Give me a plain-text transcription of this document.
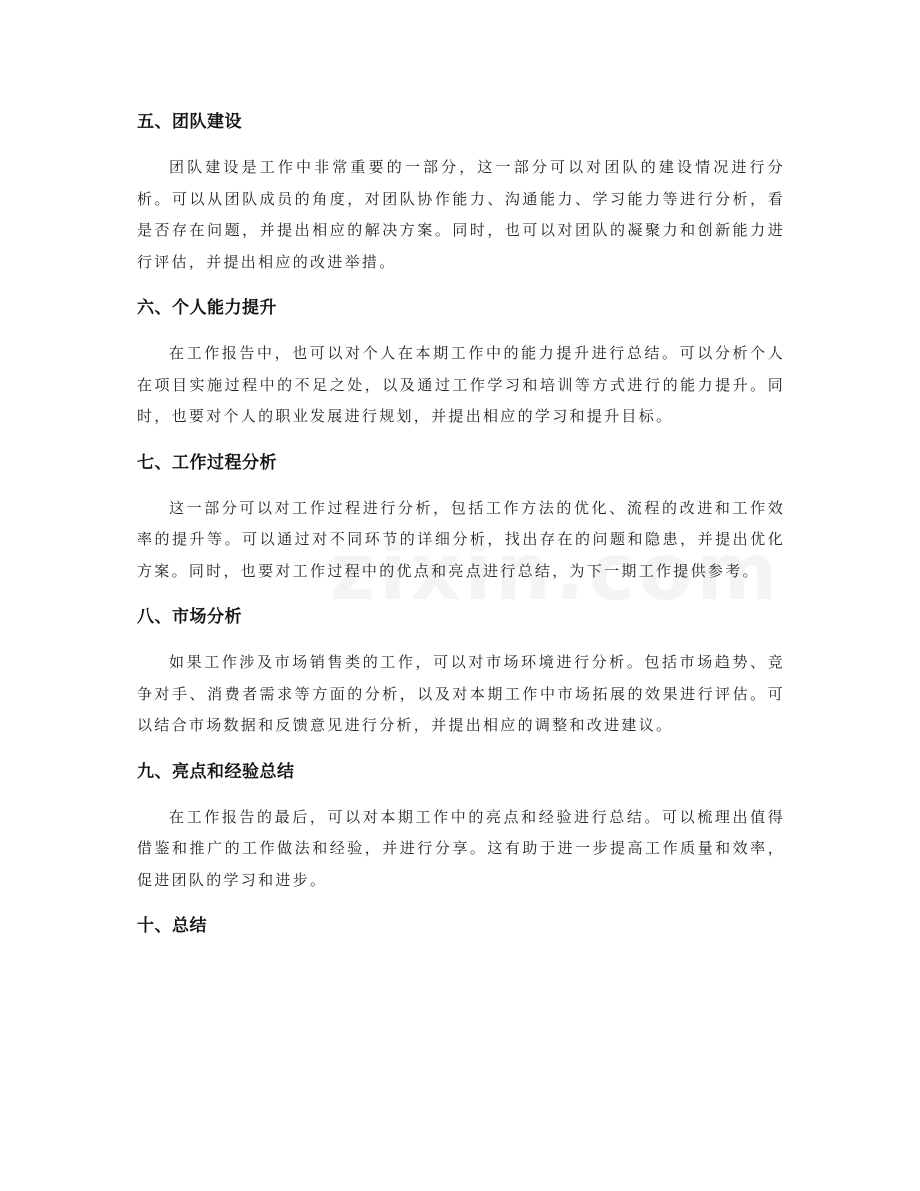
五、团队建设

团队建设是工作中非常重要的一部分，这一部分可以对团队的建设情况进行分析。可以从团队成员的角度，对团队协作能力、沟通能力、学习能力等进行分析，看是否存在问题，并提出相应的解决方案。同时，也可以对团队的凝聚力和创新能力进行评估，并提出相应的改进举措。

六、个人能力提升

在工作报告中，也可以对个人在本期工作中的能力提升进行总结。可以分析个人在项目实施过程中的不足之处，以及通过工作学习和培训等方式进行的能力提升。同时，也要对个人的职业发展进行规划，并提出相应的学习和提升目标。

七、工作过程分析

这一部分可以对工作过程进行分析，包括工作方法的优化、流程的改进和工作效率的提升等。可以通过对不同环节的详细分析，找出存在的问题和隐患，并提出优化方案。同时，也要对工作过程中的优点和亮点进行总结，为下一期工作提供参考。

八、市场分析

如果工作涉及市场销售类的工作，可以对市场环境进行分析。包括市场趋势、竞争对手、消费者需求等方面的分析，以及对本期工作中市场拓展的效果进行评估。可以结合市场数据和反馈意见进行分析，并提出相应的调整和改进建议。

九、亮点和经验总结

在工作报告的最后，可以对本期工作中的亮点和经验进行总结。可以梳理出值得借鉴和推广的工作做法和经验，并进行分享。这有助于进一步提高工作质量和效率，促进团队的学习和进步。

十、总结
